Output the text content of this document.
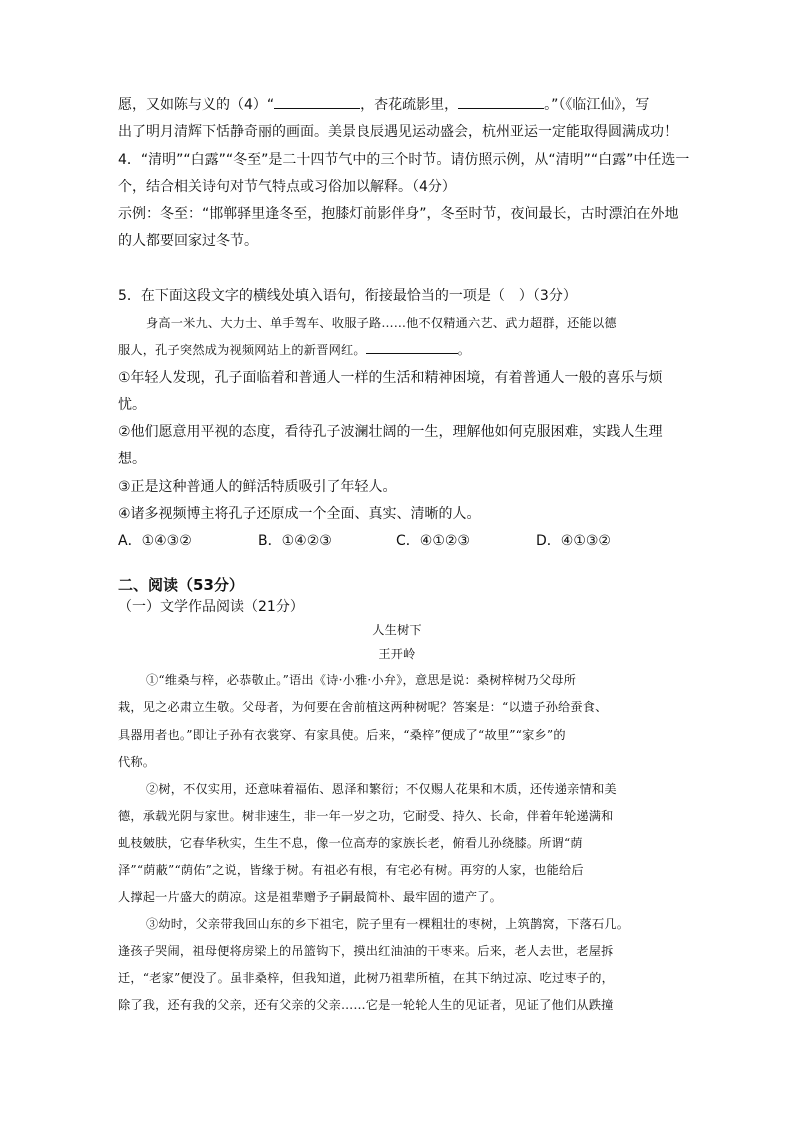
愿，又如陈与义的（4）“	，杏花疏影里，	。”（《临江仙》，写
出了明月清辉下恬静奇丽的画面。美景良辰遇见运动盛会，杭州亚运一定能取得圆满成功！
4．“清明”“白露”“冬至”是二十四节气中的三个时节。请仿照示例，从“清明”“白露”中任选一
个，结合相关诗句对节气特点或习俗加以解释。（4分）
示例：冬至：“邯郸驿里逢冬至，抱膝灯前影伴身”，冬至时节，夜间最长，古时漂泊在外地
的人都要回家过冬节。
5．在下面这段文字的横线处填入语句，衔接最恰当的一项是（　）（3分）
身高一米九、大力士、单手驾车、收服子路……他不仅精通六艺、武力超群，还能以德
服人，孔子突然成为视频网站上的新晋网红。	。
①年轻人发现，孔子面临着和普通人一样的生活和精神困境，有着普通人一般的喜乐与烦
忧。
②他们愿意用平视的态度，看待孔子波澜壮阔的一生，理解他如何克服困难，实践人生理
想。
③正是这种普通人的鲜活特质吸引了年轻人。
④诸多视频博主将孔子还原成一个全面、真实、清晰的人。
A．①④③②	B．①④②③	C．④①②③	D．④①③②
二、阅读（53分）
（一）文学作品阅读（21分）
人生树下
王开岭
①“维桑与梓，必恭敬止。”语出《诗·小雅·小弁》，意思是说：桑树梓树乃父母所
栽，见之必肃立生敬。父母者，为何要在舍前植这两种树呢？答案是：“以遗子孙给蚕食、
具器用者也。”即让子孙有衣裳穿、有家具使。后来，“桑梓”便成了“故里”“家乡”的
代称。
②树，不仅实用，还意味着福佑、恩泽和繁衍；不仅赐人花果和木质，还传递亲情和美
德，承载光阴与家世。树非速生，非一年一岁之功，它耐受、持久、长命，伴着年轮递满和
虬枝皴肤，它春华秋实，生生不息，像一位高寿的家族长老，俯看儿孙绕膝。所谓“荫
泽”“荫蔽”“荫佑”之说，皆缘于树。有祖必有根，有宅必有树。再穷的人家，也能给后
人撑起一片盛大的荫凉。这是祖辈赠予子嗣最简朴、最牢固的遗产了。
③幼时，父亲带我回山东的乡下祖宅，院子里有一棵粗壮的枣树，上筑鹊窝，下落石几。
逢孩子哭闹，祖母便将房梁上的吊篮钩下，摸出红油油的干枣来。后来，老人去世，老屋拆
迁，“老家”便没了。虽非桑梓，但我知道，此树乃祖辈所植，在其下纳过凉、吃过枣子的，
除了我，还有我的父亲，还有父亲的父亲……它是一轮轮人生的见证者，见证了他们从跌撞
